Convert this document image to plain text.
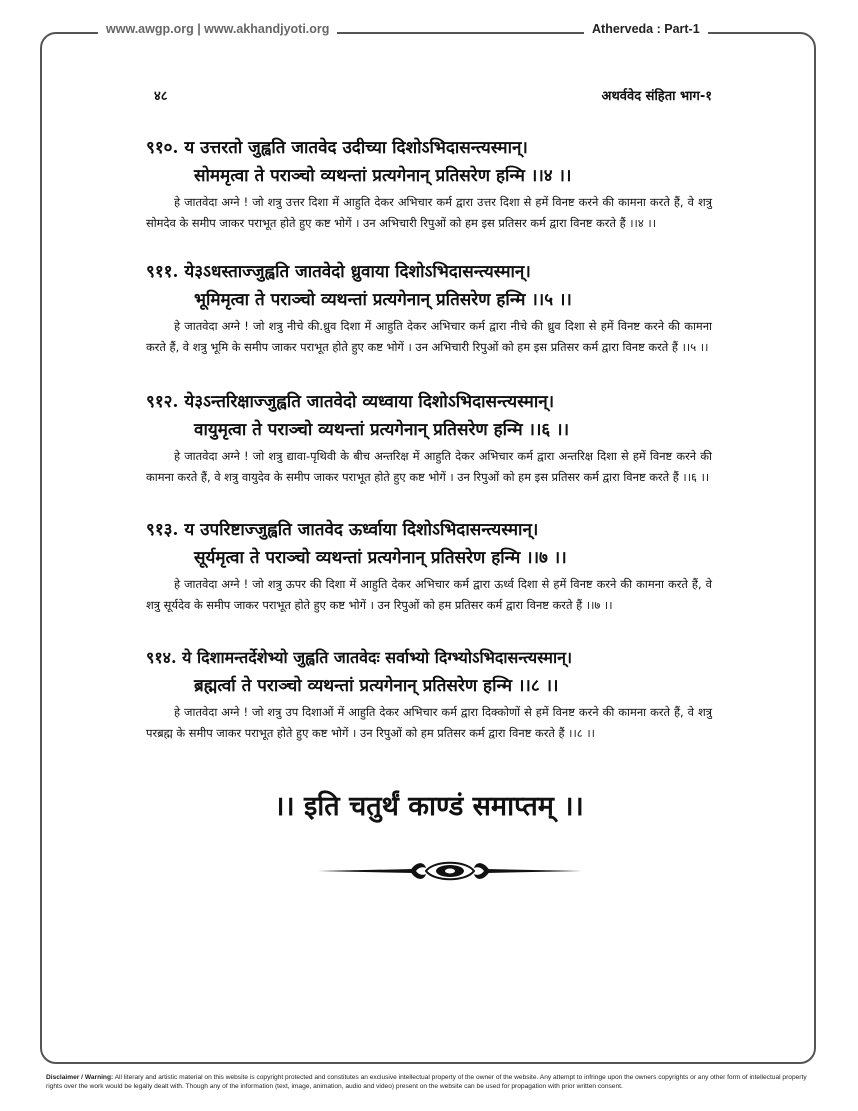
www.awgp.org | www.akhandjyoti.org	Atherveda : Part-1
४८	अथर्ववेद संहिता भाग-१
९१०. य उत्तरतो जुह्वति जातवेद उदीच्या दिशोऽभिदासन्त्यस्मान्।
सोममृत्वा ते पराञ्चो व्यथन्तां प्रत्यगेनान् प्रतिसरेण हन्मि ।।४ ।।
हे जातवेदा अग्ने ! जो शत्रु उत्तर दिशा में आहुति देकर अभिचार कर्म द्वारा उत्तर दिशा से हमें विनष्ट करने की कामना करते हैं, वे शत्रु सोमदेव के समीप जाकर पराभूत होते हुए कष्ट भोगें । उन अभिचारी रिपुओं को हम इस प्रतिसर कर्म द्वारा विनष्ट करते हैं ।।४ ।।
९११. ये३ऽधस्ताज्जुह्वति जातवेदो ध्रुवाया दिशोऽभिदासन्त्यस्मान्।
भूमिमृत्वा ते पराञ्चो व्यथन्तां प्रत्यगेनान् प्रतिसरेण हन्मि ।।५ ।।
हे जातवेदा अग्ने ! जो शत्रु नीचे की.ध्रुव दिशा में आहुति देकर अभिचार कर्म द्वारा नीचे की ध्रुव दिशा से हमें विनष्ट करने की कामना करते हैं, वे शत्रु भूमि के समीप जाकर पराभूत होते हुए कष्ट भोगें । उन अभिचारी रिपुओं को हम इस प्रतिसर कर्म द्वारा विनष्ट करते हैं ।।५ ।।
९१२. ये३ऽन्तरिक्षाज्जुह्वति जातवेदो व्यध्वाया दिशोऽभिदासन्त्यस्मान्।
वायुमृत्वा ते पराञ्चो व्यथन्तां प्रत्यगेनान् प्रतिसरेण हन्मि ।।६ ।।
हे जातवेदा अग्ने ! जो शत्रु द्यावा-पृथिवी के बीच अन्तरिक्ष में आहुति देकर अभिचार कर्म द्वारा अन्तरिक्ष दिशा से हमें विनष्ट करने की कामना करते हैं, वे शत्रु वायुदेव के समीप जाकर पराभूत होते हुए कष्ट भोगें । उन रिपुओं को हम इस प्रतिसर कर्म द्वारा विनष्ट करते हैं ।।६ ।।
९१३. य उपरिष्टाज्जुह्वति जातवेद ऊर्ध्वाया दिशोऽभिदासन्त्यस्मान्।
सूर्यमृत्वा ते पराञ्चो व्यथन्तां प्रत्यगेनान् प्रतिसरेण हन्मि ।।७ ।।
हे जातवेदा अग्ने ! जो शत्रु ऊपर की दिशा में आहुति देकर अभिचार कर्म द्वारा ऊर्ध्व दिशा से हमें विनष्ट करने की कामना करते हैं, वे शत्रु सूर्यदेव के समीप जाकर पराभूत होते हुए कष्ट भोगें । उन रिपुओं को हम प्रतिसर कर्म द्वारा विनष्ट करते हैं ।।७ ।।
९१४. ये दिशामन्तर्देशेभ्यो जुह्वति जातवेदः सर्वाभ्यो दिग्भ्योऽभिदासन्त्यस्मान्।
ब्रह्मर्त्वा ते पराञ्चो व्यथन्तां प्रत्यगेनान् प्रतिसरेण हन्मि ।।८ ।।
हे जातवेदा अग्ने ! जो शत्रु उप दिशाओं में आहुति देकर अभिचार कर्म द्वारा दिक्कोणों से हमें विनष्ट करने की कामना करते हैं, वे शत्रु परब्रह्म के समीप जाकर पराभूत होते हुए कष्ट भोगें । उन रिपुओं को हम प्रतिसर कर्म द्वारा विनष्ट करते हैं ।।८ ।।
।। इति चतुर्थं काण्डं समाप्तम् ।।
Disclaimer / Warning: All literary and artistic material on this website is copyright protected and constitutes an exclusive intellectual property of the owner of the website. Any attempt to infringe upon the owners copyrights or any other form of intellectual property rights over the work would be legally dealt with. Though any of the information (text, image, animation, audio and video) present on the website can be used for propagation with prior written consent.
